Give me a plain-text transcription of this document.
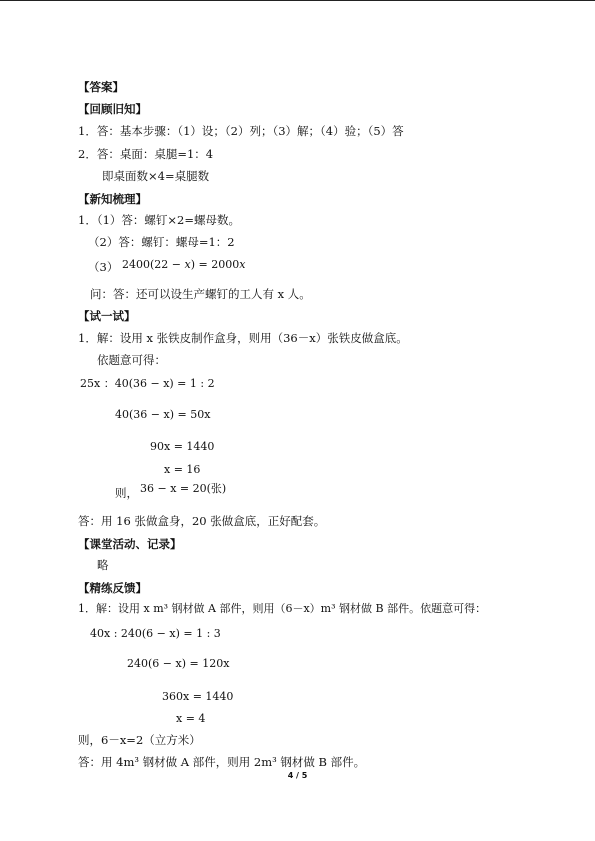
【答案】
【回顾旧知】
1．答：基本步骤：（1）设；（2）列；（3）解；（4）验；（5）答
2．答：桌面：桌腿=1：4
即桌面数×4=桌腿数
【新知梳理】
1．（1）答：螺钉×2=螺母数。
（2）答：螺钉：螺母=1：2
（3） 2400(22 − x) = 2000x
问：答：还可以设生产螺钉的工人有 x 人。
【试一试】
1．解：设用 x 张铁皮制作盒身，则用（36－x）张铁皮做盒底。
依题意可得：
25x ：40(36 − x) = 1 : 2
40(36 − x) = 50x
90x = 1440
x = 16
则， 36 − x = 20(张)
答：用 16 张做盒身，20 张做盒底，正好配套。
【课堂活动、记录】
略
【精练反馈】
1．解：设用 x m³ 钢材做 A 部件，则用（6－x）m³ 钢材做 B 部件。依题意可得：
40x : 240(6 − x) = 1 : 3
240(6 − x) = 120x
360x = 1440
x = 4
则，6－x=2（立方米）
答：用 4m³ 钢材做 A 部件，则用 2m³ 钢材做 B 部件。
4 / 5
